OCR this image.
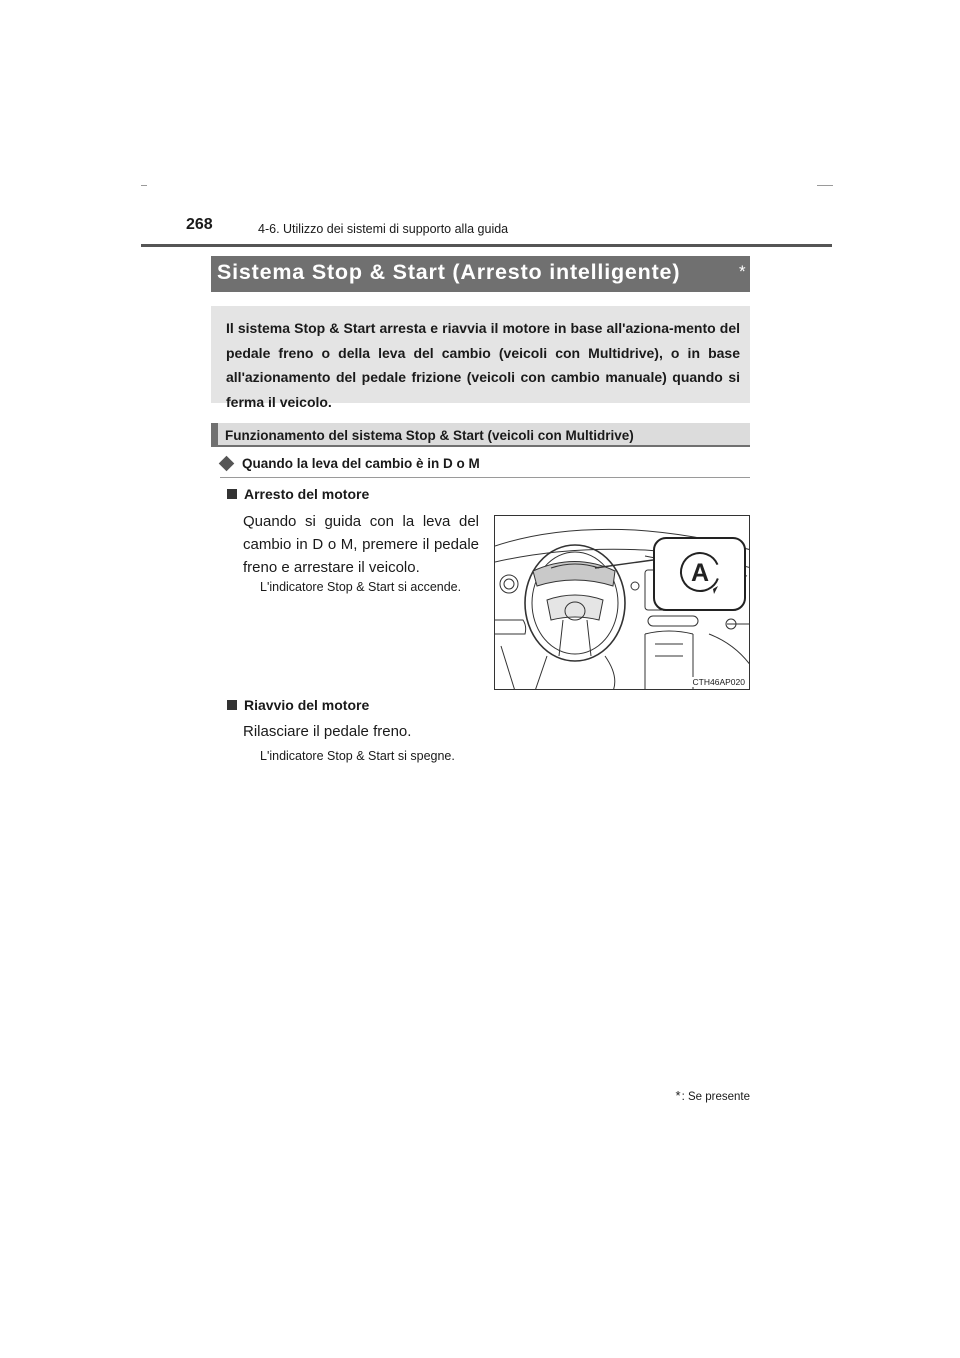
268	4-6. Utilizzo dei sistemi di supporto alla guida
Sistema Stop & Start (Arresto intelligente)	*
Il sistema Stop & Start arresta e riavvia il motore in base all'aziona-mento del pedale freno o della leva del cambio (veicoli con Multidrive), o in base all'azionamento del pedale frizione (veicoli con cambio manuale) quando si ferma il veicolo.
Funzionamento del sistema Stop & Start (veicoli con Multidrive)
Quando la leva del cambio è in D o M
Arresto del motore
Quando si guida con la leva del cambio in D o M, premere il pedale freno e arrestare il veicolo.
L'indicatore Stop & Start si accende.	A
CTH46AP020
Riavvio del motore
Rilasciare il pedale freno.
L'indicatore Stop & Start si spegne.
*: Se presente
